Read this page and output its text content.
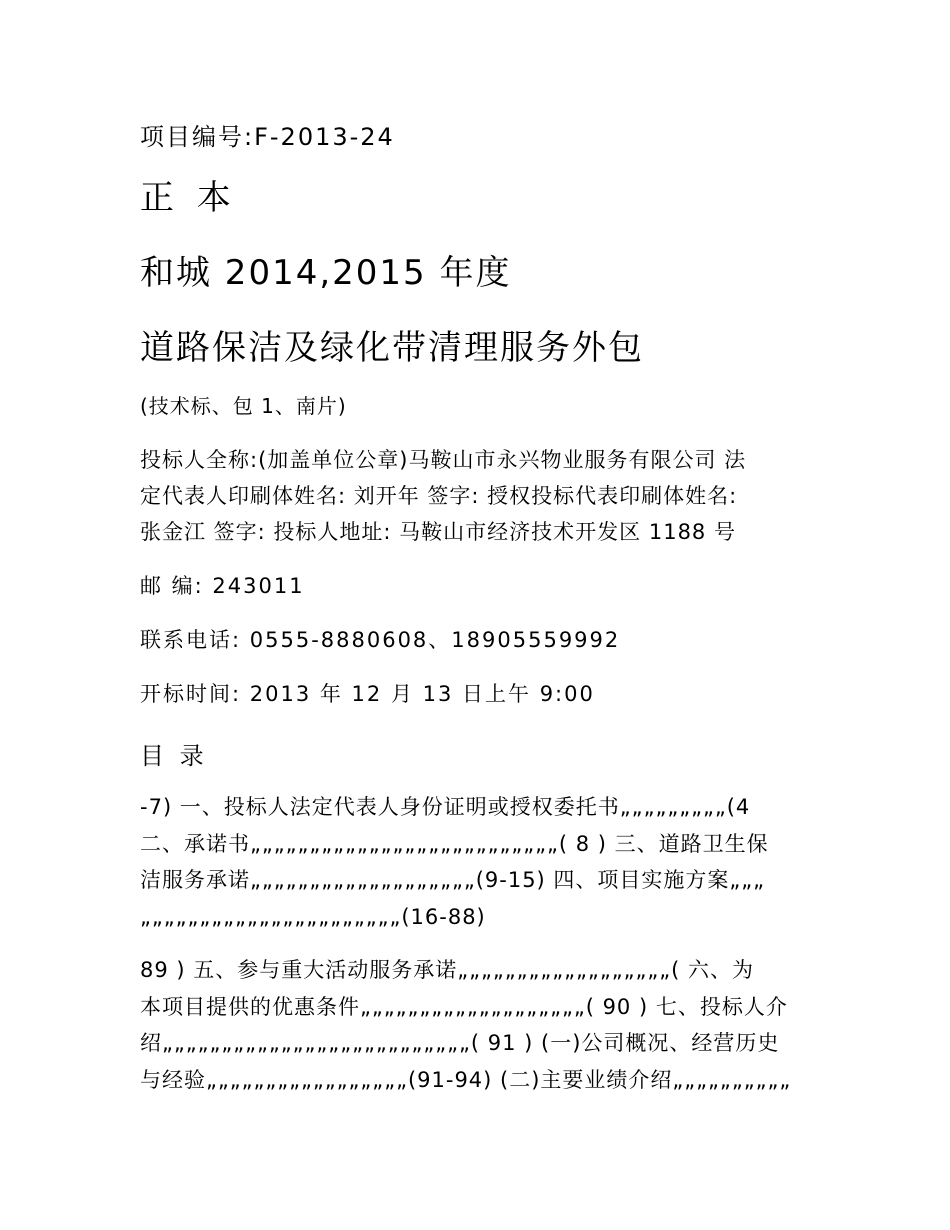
项目编号:F-2013-24
正 本
和城 2014,2015 年度
道路保洁及绿化带清理服务外包
(技术标、包 1、南片)
投标人全称:(加盖单位公章)马鞍山市永兴物业服务有限公司 法
定代表人印刷体姓名: 刘开年 签字: 授权投标代表印刷体姓名:
张金江 签字: 投标人地址: 马鞍山市经济技术开发区 1188 号
邮 编: 243011
联系电话: 0555-8880608、18905559992
开标时间: 2013 年 12 月 13 日上午 9:00
目 录
-7) 一、投标人法定代表人身份证明或授权委托书„„„„„„„„„(4
二、承诺书„„„„„„„„„„„„„„„„„„„„„„„„„„( 8 ) 三、道路卫生保
洁服务承诺„„„„„„„„„„„„„„„„„„„(9-15) 四、项目实施方案„„„
„„„„„„„„„„„„„„„„„„„„„„(16-88)
89 ) 五、参与重大活动服务承诺„„„„„„„„„„„„„„„„„„( 六、为
本项目提供的优惠条件„„„„„„„„„„„„„„„„„„„( 90 ) 七、投标人介
绍„„„„„„„„„„„„„„„„„„„„„„„„„„( 91 ) (一)公司概况、经营历史
与经验„„„„„„„„„„„„„„„„„(91-94) (二)主要业绩介绍„„„„„„„„„„
